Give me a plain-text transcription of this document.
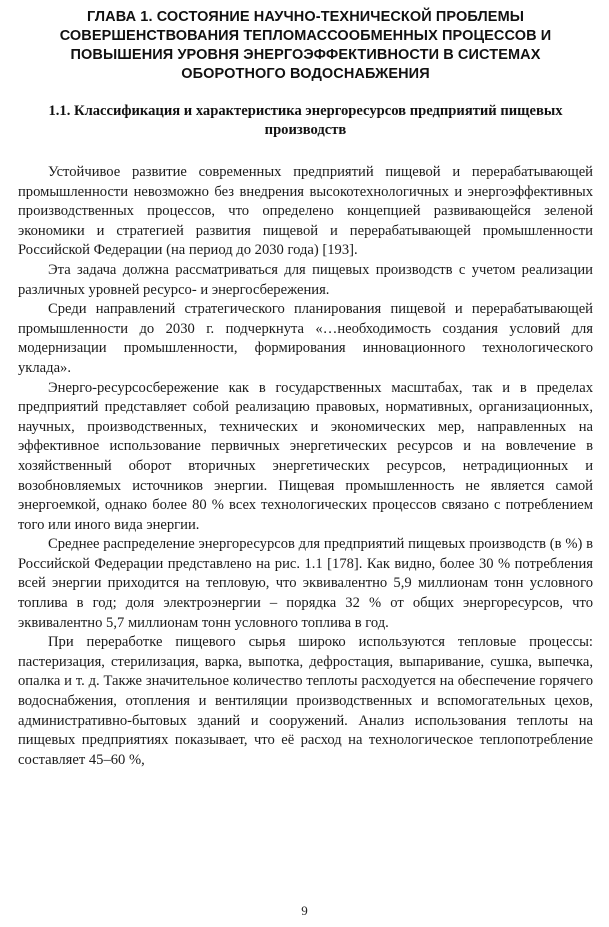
ГЛАВА 1. СОСТОЯНИЕ НАУЧНО-ТЕХНИЧЕСКОЙ ПРОБЛЕМЫ СОВЕРШЕНСТВОВАНИЯ ТЕПЛОМАССООБМЕННЫХ ПРОЦЕССОВ И ПОВЫШЕНИЯ УРОВНЯ ЭНЕРГОЭФФЕКТИВНОСТИ В СИСТЕМАХ ОБОРОТНОГО ВОДОСНАБЖЕНИЯ
1.1. Классификация и характеристика энергоресурсов предприятий пищевых производств

Устойчивое развитие современных предприятий пищевой и перерабатывающей промышленности невозможно без внедрения высокотехнологичных и энергоэффективных производственных процессов, что определено концепцией развивающейся зеленой экономики и стратегией развития пищевой и перерабатывающей промышленности Российской Федерации (на период до 2030 года) [193].

Эта задача должна рассматриваться для пищевых производств с учетом реализации различных уровней ресурсо- и энергосбережения.

Среди направлений стратегического планирования пищевой и перерабатывающей промышленности до 2030 г. подчеркнута «…необходимость создания условий для модернизации промышленности, формирования инновационного технологического уклада».

Энерго-ресурсосбережение как в государственных масштабах, так и в пределах предприятий представляет собой реализацию правовых, нормативных, организационных, научных, производственных, технических и экономических мер, направленных на эффективное использование первичных энергетических ресурсов и на вовлечение в хозяйственный оборот вторичных энергетических ресурсов, нетрадиционных и возобновляемых источников энергии. Пищевая промышленность не является самой энергоемкой, однако более 80 % всех технологических процессов связано с потреблением того или иного вида энергии.

Среднее распределение энергоресурсов для предприятий пищевых производств (в %) в Российской Федерации представлено на рис. 1.1 [178]. Как видно, более 30 % потребления всей энергии приходится на тепловую, что эквивалентно 5,9 миллионам тонн условного топлива в год; доля электроэнергии – порядка 32 % от общих энергоресурсов, что эквивалентно 5,7 миллионам тонн условного топлива в год.

При переработке пищевого сырья широко используются тепловые процессы: пастеризация, стерилизация, варка, выпотка, дефростация, выпаривание, сушка, выпечка, опалка и т. д. Также значительное количество теплоты расходуется на обеспечение горячего водоснабжения, отопления и вентиляции производственных и вспомогательных цехов, административно-бытовых зданий и сооружений. Анализ использования теплоты на пищевых предприятиях показывает, что её расход на технологическое теплопотребление составляет 45–60 %,

9
